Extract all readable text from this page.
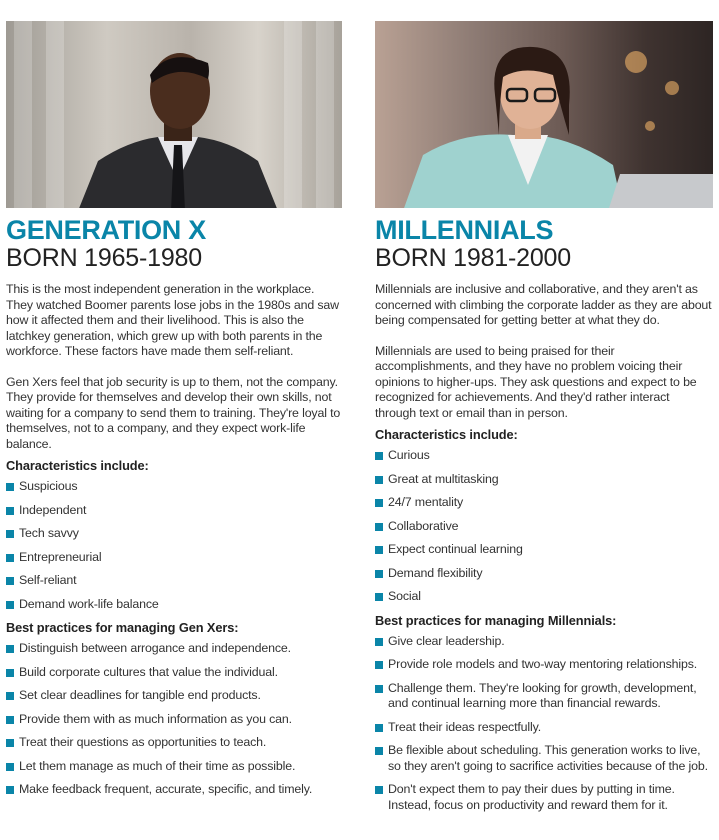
GENERATION X
BORN 1965-1980

This is the most independent generation in the workplace. They watched Boomer parents lose jobs in the 1980s and saw how it affected them and their livelihood. This is also the latchkey generation, which grew up with both parents in the workforce. These factors have made them self-reliant.

Gen Xers feel that job security is up to them, not the company. They provide for themselves and develop their own skills, not waiting for a company to send them to training. They're loyal to themselves, not to a company, and they expect work-life balance.

Characteristics include:
Suspicious
Independent
Tech savvy
Entrepreneurial
Self-reliant
Demand work-life balance
Best practices for managing Gen Xers:
Distinguish between arrogance and independence.
Build corporate cultures that value the individual.
Set clear deadlines for tangible end products.
Provide them with as much information as you can.
Treat their questions as opportunities to teach.
Let them manage as much of their time as possible.
Make feedback frequent, accurate, specific, and timely.
MILLENNIALS
BORN 1981-2000

Millennials are inclusive and collaborative, and they aren't as concerned with climbing the corporate ladder as they are about being compensated for getting better at what they do.

Millennials are used to being praised for their accomplishments, and they have no problem voicing their opinions to higher-ups. They ask questions and expect to be recognized for achievements. And they'd rather interact through text or email than in person.

Characteristics include:
Curious
Great at multitasking
24/7 mentality
Collaborative
Expect continual learning
Demand flexibility
Social
Best practices for managing Millennials:
Give clear leadership.
Provide role models and two-way mentoring relationships.
Challenge them. They're looking for growth, development, and continual learning more than financial rewards.
Treat their ideas respectfully.
Be flexible about scheduling. This generation works to live, so they aren't going to sacrifice activities because of the job.
Don't expect them to pay their dues by putting in time. Instead, focus on productivity and reward them for it.
